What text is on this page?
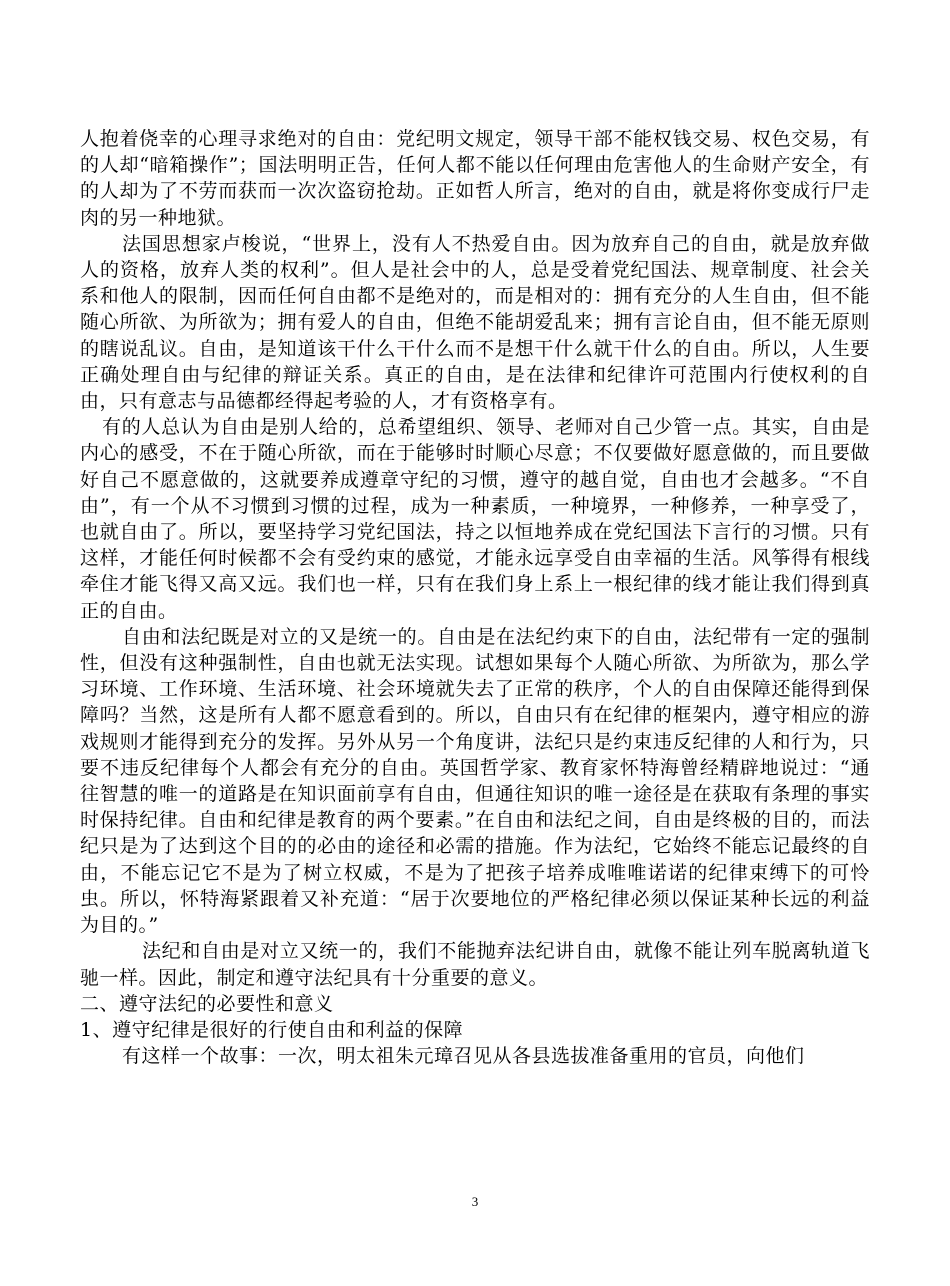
人抱着侥幸的心理寻求绝对的自由：党纪明文规定，领导干部不能权钱交易、权色交易，有的人却“暗箱操作”；国法明明正告，任何人都不能以任何理由危害他人的生命财产安全，有的人却为了不劳而获而一次次盗窃抢劫。正如哲人所言，绝对的自由，就是将你变成行尸走肉的另一种地狱。

法国思想家卢梭说，“世界上，没有人不热爱自由。因为放弃自己的自由，就是放弃做人的资格，放弃人类的权利”。但人是社会中的人，总是受着党纪国法、规章制度、社会关系和他人的限制，因而任何自由都不是绝对的，而是相对的：拥有充分的人生自由，但不能随心所欲、为所欲为；拥有爱人的自由，但绝不能胡爱乱来；拥有言论自由，但不能无原则的瞎说乱议。自由，是知道该干什么干什么而不是想干什么就干什么的自由。所以，人生要正确处理自由与纪律的辩证关系。真正的自由，是在法律和纪律许可范围内行使权利的自由，只有意志与品德都经得起考验的人，才有资格享有。

有的人总认为自由是别人给的，总希望组织、领导、老师对自己少管一点。其实，自由是内心的感受，不在于随心所欲，而在于能够时时顺心尽意；不仅要做好愿意做的，而且要做好自己不愿意做的，这就要养成遵章守纪的习惯，遵守的越自觉，自由也才会越多。“不自由”，有一个从不习惯到习惯的过程，成为一种素质，一种境界，一种修养，一种享受了，也就自由了。所以，要坚持学习党纪国法，持之以恒地养成在党纪国法下言行的习惯。只有这样，才能任何时候都不会有受约束的感觉，才能永远享受自由幸福的生活。风筝得有根线牵住才能飞得又高又远。我们也一样，只有在我们身上系上一根纪律的线才能让我们得到真正的自由。

自由和法纪既是对立的又是统一的。自由是在法纪约束下的自由，法纪带有一定的强制性，但没有这种强制性，自由也就无法实现。试想如果每个人随心所欲、为所欲为，那么学习环境、工作环境、生活环境、社会环境就失去了正常的秩序，个人的自由保障还能得到保障吗？当然，这是所有人都不愿意看到的。所以，自由只有在纪律的框架内，遵守相应的游戏规则才能得到充分的发挥。另外从另一个角度讲，法纪只是约束违反纪律的人和行为，只要不违反纪律每个人都会有充分的自由。英国哲学家、教育家怀特海曾经精辟地说过：“通往智慧的唯一的道路是在知识面前享有自由，但通往知识的唯一途径是在获取有条理的事实时保持纪律。自由和纪律是教育的两个要素。”在自由和法纪之间，自由是终极的目的，而法纪只是为了达到这个目的的必由的途径和必需的措施。作为法纪，它始终不能忘记最终的自由，不能忘记它不是为了树立权威，不是为了把孩子培养成唯唯诺诺的纪律束缚下的可怜虫。所以，怀特海紧跟着又补充道：“居于次要地位的严格纪律必须以保证某种长远的利益为目的。”

法纪和自由是对立又统一的，我们不能抛弃法纪讲自由，就像不能让列车脱离轨道飞驰一样。因此，制定和遵守法纪具有十分重要的意义。

二、遵守法纪的必要性和意义

1、遵守纪律是很好的行使自由和利益的保障

有这样一个故事：一次，明太祖朱元璋召见从各县选拔准备重用的官员，向他们

3
